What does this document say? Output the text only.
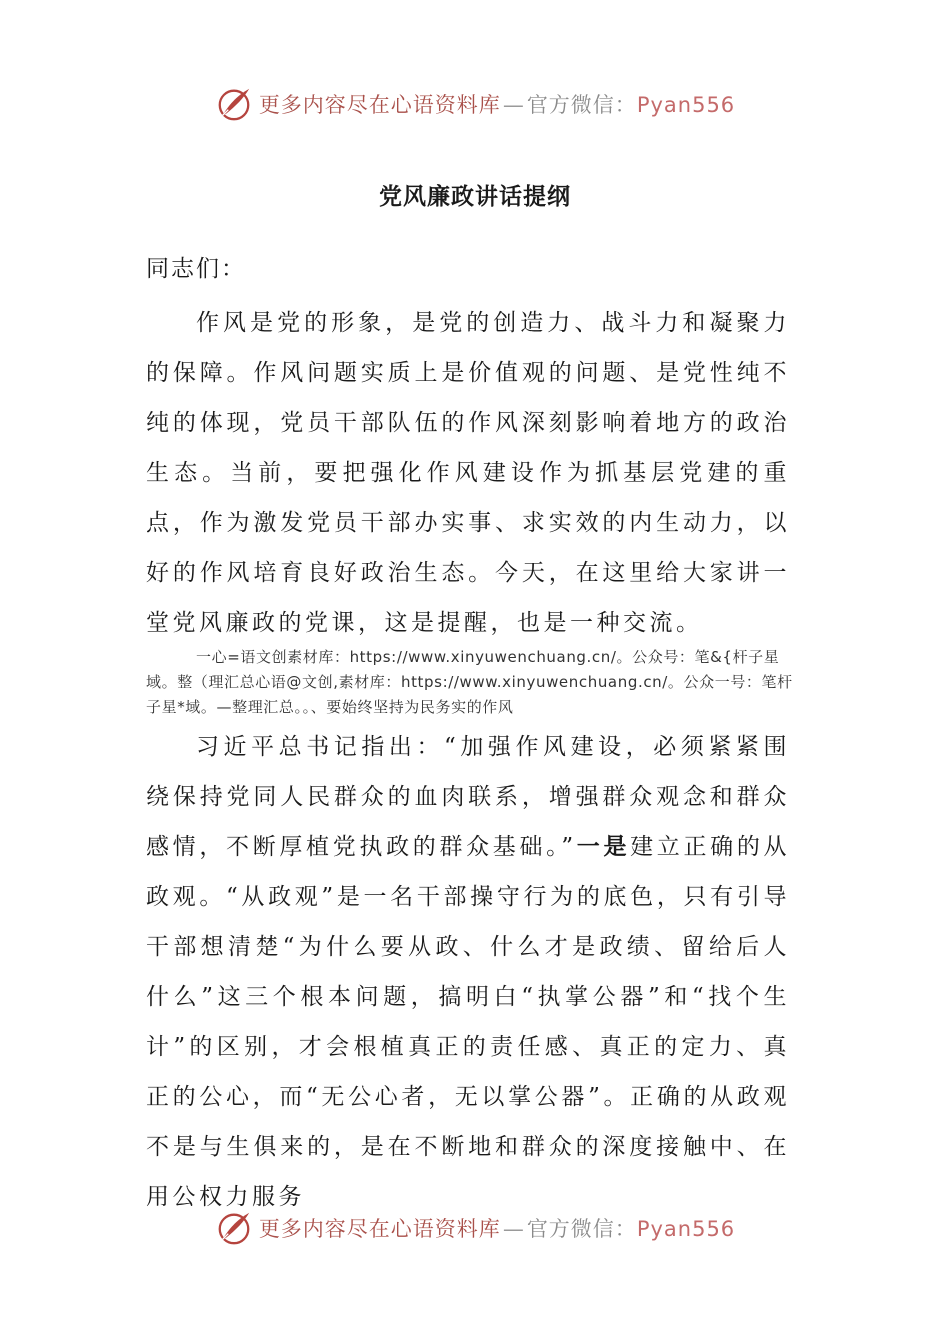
更多内容尽在心语资料库—官方微信：Pyan556
党风廉政讲话提纲
同志们：

作风是党的形象，是党的创造力、战斗力和凝聚力的保障。作风问题实质上是价值观的问题、是党性纯不纯的体现，党员干部队伍的作风深刻影响着地方的政治生态。当前，要把强化作风建设作为抓基层党建的重点，作为激发党员干部办实事、求实效的内生动力，以好的作风培育良好政治生态。今天，在这里给大家讲一堂党风廉政的党课，这是提醒，也是一种交流。

一心=语文创素材库：https://www.xinyuwenchuang.cn/。公众号：笔&{杆子星域。整（理汇总心语@文创,素材库：https://www.xinyuwenchuang.cn/。公众一号：笔杆子星*域。—整理汇总。。、要始终坚持为民务实的作风

习近平总书记指出：“加强作风建设，必须紧紧围绕保持党同人民群众的血肉联系，增强群众观念和群众感情，不断厚植党执政的群众基础。”一是建立正确的从政观。“从政观”是一名干部操守行为的底色，只有引导干部想清楚“为什么要从政、什么才是政绩、留给后人什么”这三个根本问题，搞明白“执掌公器”和“找个生计”的区别，才会根植真正的责任感、真正的定力、真正的公心，而“无公心者，无以掌公器”。正确的从政观不是与生俱来的，是在不断地和群众的深度接触中、在用公权力服务

更多内容尽在心语资料库—官方微信：Pyan556
